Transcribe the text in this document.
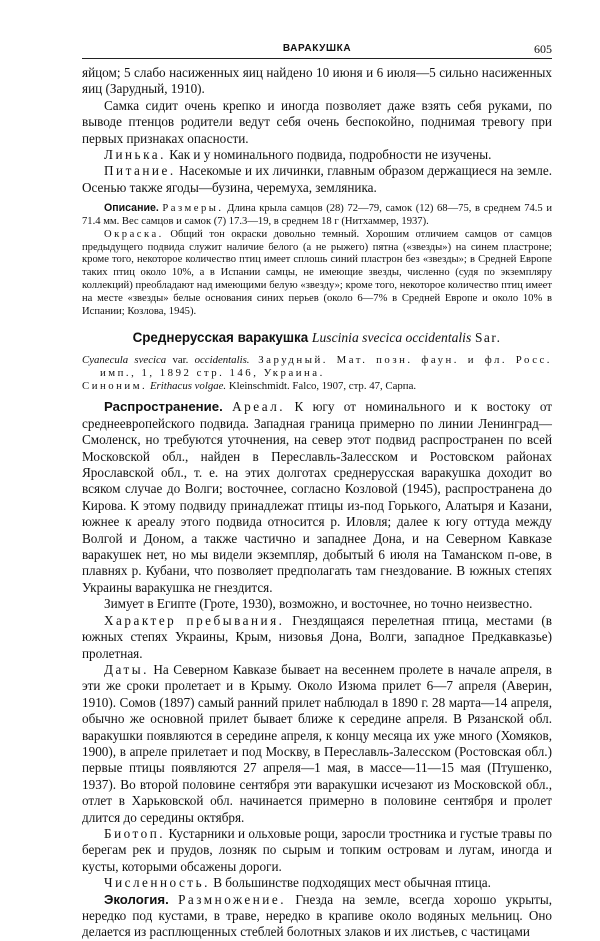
ВАРАКУШКА	605

яйцом; 5 слабо насиженных яиц найдено 10 июня и 6 июля—5 сильно насиженных яиц (Зарудный, 1910).

Самка сидит очень крепко и иногда позволяет даже взять себя руками, по выводе птенцов родители ведут себя очень беспокойно, поднимая тревогу при первых признаках опасности.

Линька. Как и у номинального подвида, подробности не изучены.

Питание. Насекомые и их личинки, главным образом держащиеся на земле. Осенью также ягоды—бузина, черемуха, земляника.

Описание. Размеры. Длина крыла самцов (28) 72—79, самок (12) 68—75, в среднем 74.5 и 71.4 мм. Вес самцов и самок (7) 17.3—19, в среднем 18 г (Нитхаммер, 1937).

Окраска. Общий тон окраски довольно темный. Хорошим отличием самцов от самцов предыдущего подвида служит наличие белого (а не рыжего) пятна («звезды») на синем пластроне; кроме того, некоторое количество птиц имеет сплошь синий пластрон без «звезды»; в Средней Европе таких птиц около 10%, а в Испании самцы, не имеющие звезды, численно (судя по экземпляру коллекций) преобладают над имеющими белую «звезду»; кроме того, некоторое количество птиц имеет на месте «звезды» белые основания синих перьев (около 6—7% в Средней Европе и около 10% в Испании; Козлова, 1945).

Среднерусская варакушка Luscinia svecica occidentalis Sar.

Cyanecula svecica var. occidentalis. Зарудный. Мат. позн. фаун. и фл. Росс. имп., 1, 1892 стр. 146, Украина.

Синоним. Erithacus volgae. Kleinschmidt. Falco, 1907, стр. 47, Сарпа.

Распространение. Ареал. К югу от номинального и к востоку от среднеевропейского подвида. Западная граница примерно по линии Ленинград—Смоленск, но требуются уточнения, на север этот подвид распространен по всей Московской обл., найден в Переславль-Залесском и Ростовском районах Ярославской обл., т. е. на этих долготах среднерусская варакушка доходит во всяком случае до Волги; восточнее, согласно Козловой (1945), распространена до Кирова. К этому подвиду принадлежат птицы из-под Горького, Алатыря и Казани, южнее к ареалу этого подвида относится р. Иловля; далее к югу оттуда между Волгой и Доном, а также частично и западнее Дона, и на Северном Кавказе варакушек нет, но мы видели экземпляр, добытый 6 июля на Таманском п-ове, в плавнях р. Кубани, что позволяет предполагать там гнездование. В южных степях Украины варакушка не гнездится.

Зимует в Египте (Гроте, 1930), возможно, и восточнее, но точно неизвестно.

Характер пребывания. Гнездящаяся перелетная птица, местами (в южных степях Украины, Крым, низовья Дона, Волги, западное Предкавказье) пролетная.

Даты. На Северном Кавказе бывает на весеннем пролете в начале апреля, в эти же сроки пролетает и в Крыму. Около Изюма прилет 6—7 апреля (Аверин, 1910). Сомов (1897) самый ранний прилет наблюдал в 1890 г. 28 марта—14 апреля, обычно же основной прилет бывает ближе к середине апреля. В Рязанской обл. варакушки появляются в середине апреля, к концу месяца их уже много (Хомяков, 1900), в апреле прилетает и под Москву, в Переславль-Залесском (Ростовская обл.) первые птицы появляются 27 апреля—1 мая, в массе—11—15 мая (Птушенко, 1937). Во второй половине сентября эти варакушки исчезают из Московской обл., отлет в Харьковской обл. начинается примерно в половине сентября и пролет длится до середины октября.

Биотоп. Кустарники и ольховые рощи, заросли тростника и густые травы по берегам рек и прудов, лозняк по сырым и топким островам и лугам, иногда и кусты, которыми обсажены дороги.

Численность. В большинстве подходящих мест обычная птица.

Экология. Размножение. Гнезда на земле, всегда хорошо укрыты, нередко под кустами, в траве, нередко в крапиве около водяных мельниц. Оно делается из расплющенных стеблей болотных злаков и их листьев, с частицами
